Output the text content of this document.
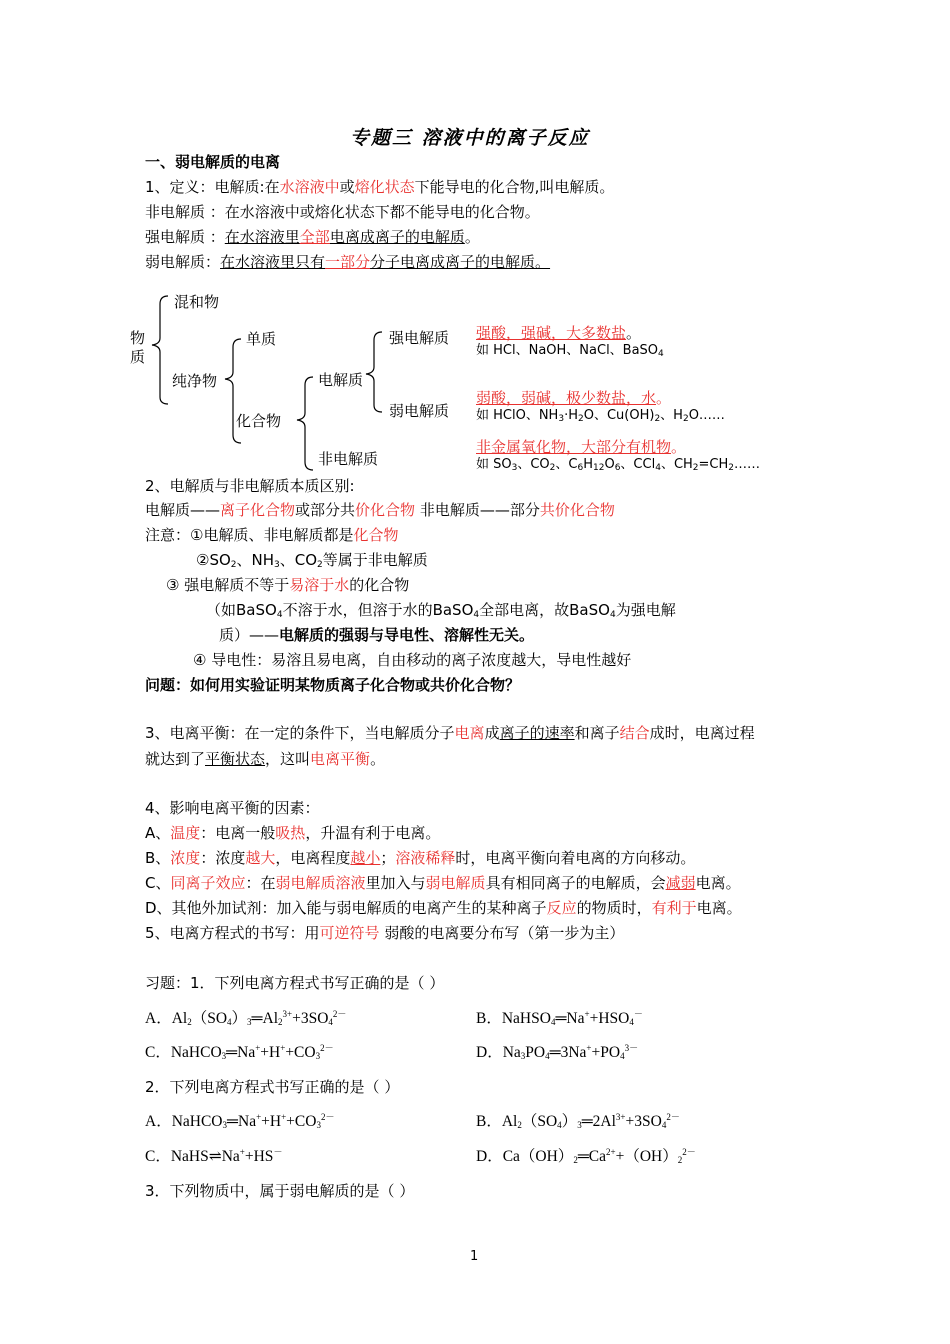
专题三 溶液中的离子反应
一、弱电解质的电离
1、定义：电解质:在水溶液中或熔化状态下能导电的化合物,叫电解质。
非电解质 ：在水溶液中或熔化状态下都不能导电的化合物。
强电解质 ：在水溶液里全部电离成离子的电解质。
弱电解质：在水溶液里只有一部分分子电离成离子的电解质。
物
质
混和物
纯净物
单质
化合物
电解质
非电解质
强电解质
弱电解质
强酸，强碱，大多数盐。
如 HCl、NaOH、NaCl、BaSO$_4$
弱酸，弱碱，极少数盐，水。
如 HClO、$NH_3\cdot H_2O$、$Cu(OH)_2$、$H_2O\dots\dots$
非金属氧化物，大部分有机物。
如 $SO_3$、$CO_2$、$C_6H_{12}O_6$、CCl$_4$、$CH_2=CH_2\dots\dots$
2、电解质与非电解质本质区别:
电解质——离子化合物或部分共价化合物 非电解质——部分共价化合物
注意：①电解质、非电解质都是化合物
$②SO_2$、$NH_3$、$CO_2$等属于非电解质
③ 强电解质不等于易溶于水的化合物
（如BaSO$_4$不溶于水，但溶于水的BaSO$_4$全部电离，故BaSO$_4$为强电解
质）——电解质的强弱与导电性、溶解性无关。
④ 导电性：易溶且易电离，自由移动的离子浓度越大，导电性越好
问题：如何用实验证明某物质离子化合物或共价化合物？
3、电离平衡：在一定的条件下，当电解质分子电离成离子的速率和离子结合成时，电离过程
就达到了平衡状态，这叫电离平衡。
4、影响电离平衡的因素：
A、温度：电离一般吸热，升温有利于电离。
B、浓度：浓度越大，电离程度越小；溶液稀释时，电离平衡向着电离的方向移动。
C、同离子效应：在弱电解质溶液里加入与弱电解质具有相同离子的电解质，会减弱电离。
D、其他外加试剂：加入能与弱电解质的电离产生的某种离子反应的物质时，有利于电离。
5、电离方程式的书写：用可逆符号 弱酸的电离要分布写（第一步为主）
习题：1．下列电离方程式书写正确的是（ ）
A．$Al_2(SO_4)_3═Al_2^{3+}+3SO_4^{2-}$	B．$NaHSO_4═Na^++HSO_4^-$
C．$NaHCO_3═Na^++H^++CO_3^{2-}$	D．$Na_3PO_4═3Na^++PO_4^{3-}$
2．下列电离方程式书写正确的是（ ）
A．$NaHCO_3═Na^++H^++CO_3^{2-}$	B．$Al_2(SO_4)_3═2Al^{3+}+3SO_4^{2-}$
C．NaHS⇌Na++HS－	D．$Ca(OH)_2═Ca^{2+}+(OH)_2^{2-}$
3．下列物质中，属于弱电解质的是（ ）
1
